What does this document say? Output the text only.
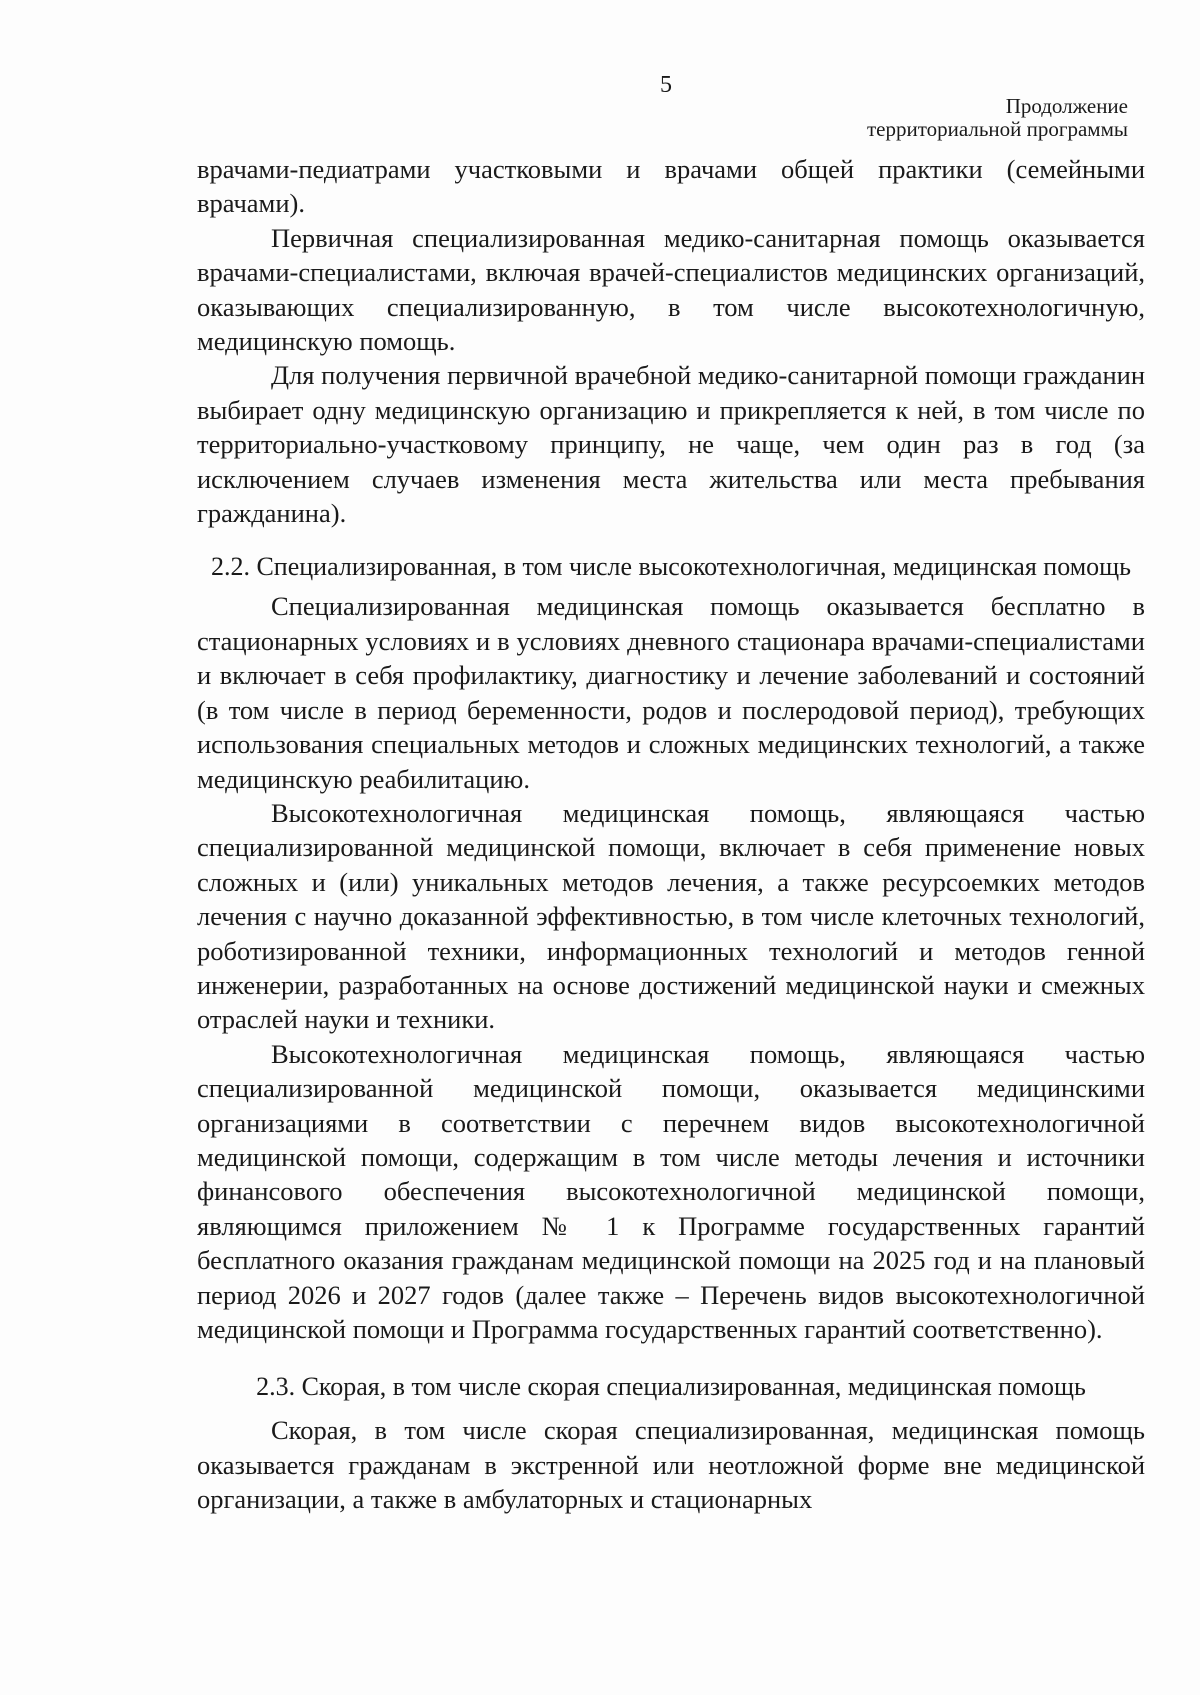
5
Продолжение
территориальной программы

врачами-педиатрами участковыми и врачами общей практики (семейными врачами).

Первичная специализированная медико-санитарная помощь оказывается врачами-специалистами, включая врачей-специалистов медицинских организаций, оказывающих специализированную, в том числе высокотехнологичную, медицинскую помощь.

Для получения первичной врачебной медико-санитарной помощи гражданин выбирает одну медицинскую организацию и прикрепляется к ней, в том числе по территориально-участковому принципу, не чаще, чем один раз в год (за исключением случаев изменения места жительства или места пребывания гражданина).

2.2. Специализированная, в том числе высокотехнологичная, медицинская помощь

Специализированная медицинская помощь оказывается бесплатно в стационарных условиях и в условиях дневного стационара врачами-специалистами и включает в себя профилактику, диагностику и лечение заболеваний и состояний (в том числе в период беременности, родов и послеродовой период), требующих использования специальных методов и сложных медицинских технологий, а также медицинскую реабилитацию.

Высокотехнологичная медицинская помощь, являющаяся частью специализированной медицинской помощи, включает в себя применение новых сложных и (или) уникальных методов лечения, а также ресурсоемких методов лечения с научно доказанной эффективностью, в том числе клеточных технологий, роботизированной техники, информационных технологий и методов генной инженерии, разработанных на основе достижений медицинской науки и смежных отраслей науки и техники.

Высокотехнологичная медицинская помощь, являющаяся частью специализированной медицинской помощи, оказывается медицинскими организациями в соответствии с перечнем видов высокотехнологичной медицинской помощи, содержащим в том числе методы лечения и источники финансового обеспечения высокотехнологичной медицинской помощи, являющимся приложением № 1 к Программе государственных гарантий бесплатного оказания гражданам медицинской помощи на 2025 год и на плановый период 2026 и 2027 годов (далее также – Перечень видов высокотехнологичной медицинской помощи и Программа государственных гарантий соответственно).

2.3. Скорая, в том числе скорая специализированная, медицинская помощь

Скорая, в том числе скорая специализированная, медицинская помощь оказывается гражданам в экстренной или неотложной форме вне медицинской организации, а также в амбулаторных и стационарных
